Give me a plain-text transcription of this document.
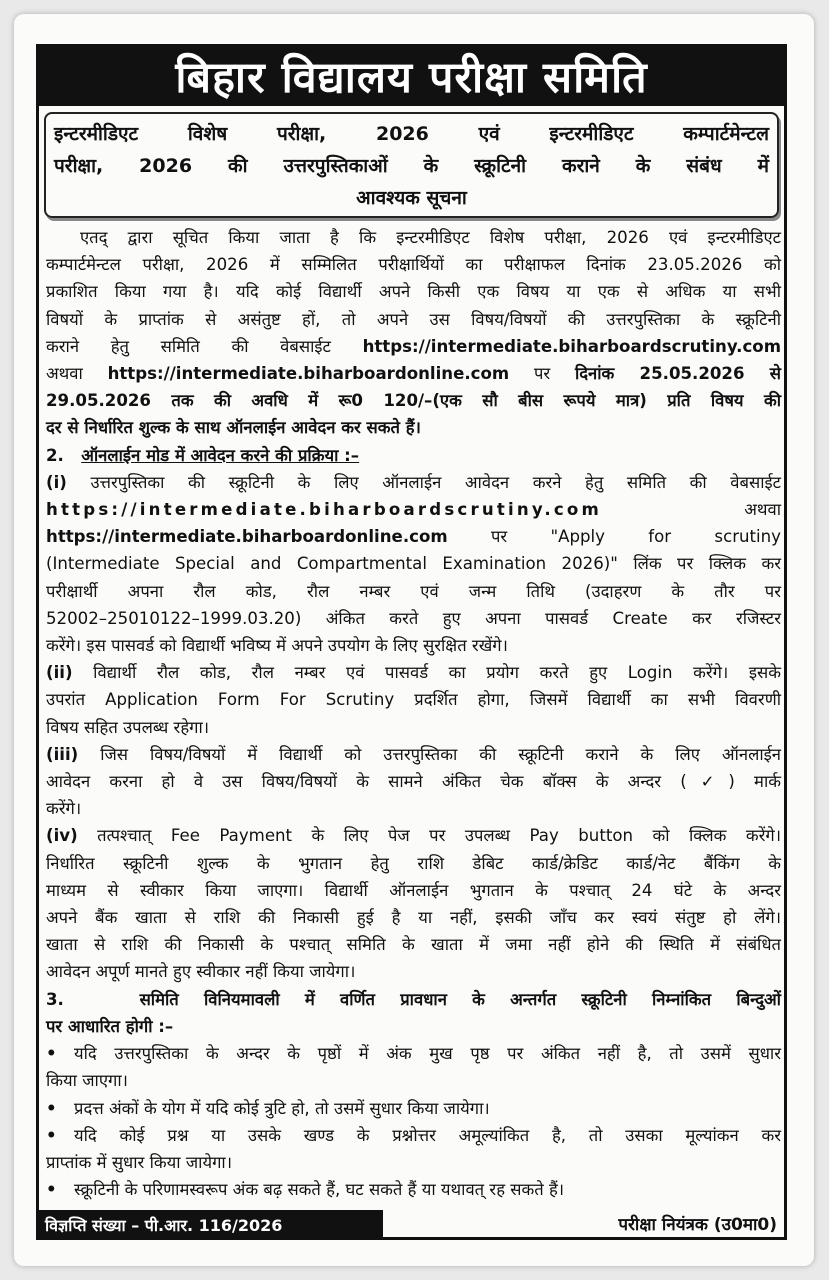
बिहार विद्यालय परीक्षा समिति
इन्टरमीडिएट विशेष परीक्षा, 2026 एवं इन्टरमीडिएट कम्पार्टमेन्टल
परीक्षा, 2026 की उत्तरपुस्तिकाओं के स्क्रूटिनी कराने के संबंध में
आवश्यक सूचना
एतद् द्वारा सूचित किया जाता है कि इन्टरमीडिएट विशेष परीक्षा, 2026 एवं इन्टरमीडिएट
कम्पार्टमेन्टल परीक्षा, 2026 में सम्मिलित परीक्षार्थियों का परीक्षाफल दिनांक 23.05.2026 को
प्रकाशित किया गया है। यदि कोई विद्यार्थी अपने किसी एक विषय या एक से अधिक या सभी
विषयों के प्राप्तांक से असंतुष्ट हों, तो अपने उस विषय/विषयों की उत्तरपुस्तिका के स्क्रूटिनी
कराने हेतु समिति की वेबसाईट https://intermediate.biharboardscrutiny.com
अथवा https://intermediate.biharboardonline.com पर दिनांक 25.05.2026 से
29.05.2026 तक की अवधि में रू0 120/–(एक सौ बीस रूपये मात्र) प्रति विषय की
दर से निर्धारित शुल्क के साथ ऑनलाईन आवेदन कर सकते हैं।
2. ऑनलाईन मोड में आवेदन करने की प्रक्रिया :–
(i) उत्तरपुस्तिका की स्क्रूटिनी के लिए ऑनलाईन आवेदन करने हेतु समिति की वेबसाईट
https://intermediate.biharboardscrutiny.com	अथवा
https://intermediate.biharboardonline.com	पर "Apply for scrutiny
(Intermediate Special and Compartmental Examination 2026)" लिंक पर क्लिक कर
परीक्षार्थी अपना रौल कोड, रौल नम्बर एवं जन्म तिथि (उदाहरण के तौर पर
52002–25010122–1999.03.20) अंकित करते हुए अपना पासवर्ड Create कर रजिस्टर
करेंगे। इस पासवर्ड को विद्यार्थी भविष्य में अपने उपयोग के लिए सुरक्षित रखेंगे।
(ii) विद्यार्थी रौल कोड, रौल नम्बर एवं पासवर्ड का प्रयोग करते हुए Login करेंगे। इसके
उपरांत Application Form For Scrutiny प्रदर्शित होगा, जिसमें विद्यार्थी का सभी विवरणी
विषय सहित उपलब्ध रहेगा।
(iii) जिस विषय/विषयों में विद्यार्थी को उत्तरपुस्तिका की स्क्रूटिनी कराने के लिए ऑनलाईन
आवेदन करना हो वे उस विषय/विषयों के सामने अंकित चेक बॉक्स के अन्दर (✓) मार्क
करेंगे।
(iv) तत्पश्चात् Fee Payment के लिए पेज पर उपलब्ध Pay button को क्लिक करेंगे।
निर्धारित स्क्रूटिनी शुल्क के भुगतान हेतु राशि डेबिट कार्ड/क्रेडिट कार्ड/नेट बैंकिंग के
माध्यम से स्वीकार किया जाएगा। विद्यार्थी ऑनलाईन भुगतान के पश्चात् 24 घंटे के अन्दर
अपने बैंक खाता से राशि की निकासी हुई है या नहीं, इसकी जाँच कर स्वयं संतुष्ट हो लेंगे।
खाता से राशि की निकासी के पश्चात् समिति के खाता में जमा नहीं होने की स्थिति में संबंधित
आवेदन अपूर्ण मानते हुए स्वीकार नहीं किया जायेगा।
3.	समिति विनियमावली में वर्णित प्रावधान के अन्तर्गत स्क्रूटिनी निम्नांकित बिन्दुओं
पर आधारित होगी :–
•	यदि उत्तरपुस्तिका के अन्दर के पृष्ठों में अंक मुख पृष्ठ पर अंकित नहीं है, तो उसमें सुधार
किया जाएगा।
•	प्रदत्त अंकों के योग में यदि कोई त्रुटि हो, तो उसमें सुधार किया जायेगा।
•	यदि कोई प्रश्न या उसके खण्ड के प्रश्नोत्तर अमूल्यांकित है, तो उसका मूल्यांकन कर
प्राप्तांक में सुधार किया जायेगा।
•	स्क्रूटिनी के परिणामस्वरूप अंक बढ़ सकते हैं, घट सकते हैं या यथावत् रह सकते हैं।
विज्ञप्ति संख्या – पी.आर. 116/2026	परीक्षा नियंत्रक (उ0मा0)
